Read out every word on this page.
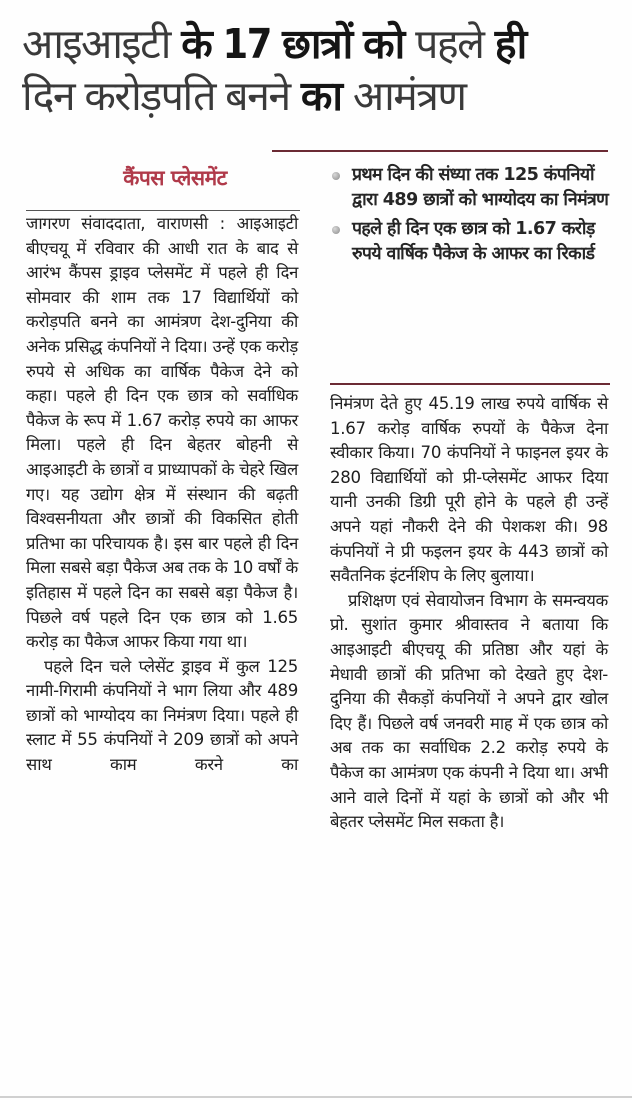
आइआइटी के 17 छात्रों को पहले ही
दिन करोड़पति बनने का आमंत्रण
कैंपस प्लेसमेंट	प्रथम दिन की संध्या तक 125 कंपनियों द्वारा 489 छात्रों को भाग्योदय का निमंत्रण
पहले ही दिन एक छात्र को 1.67 करोड़ रुपये वार्षिक पैकेज के आफर का रिकार्ड

जागरण संवाददाता, वाराणसी : आइआइटी बीएचयू में रविवार की आधी रात के बाद से आरंभ कैंपस ड्राइव प्लेसमेंट में पहले ही दिन सोमवार की शाम तक 17 विद्यार्थियों को करोड़पति बनने का आमंत्रण देश-दुनिया की अनेक प्रसिद्ध कंपनियों ने दिया। उन्हें एक करोड़ रुपये से अधिक का वार्षिक पैकेज देने को कहा। पहले ही दिन एक छात्र को सर्वाधिक पैकेज के रूप में 1.67 करोड़ रुपये का आफर मिला। पहले ही दिन बेहतर बोहनी से आइआइटी के छात्रों व प्राध्यापकों के चेहरे खिल गए। यह उद्योग क्षेत्र में संस्थान की बढ़ती विश्वसनीयता और छात्रों की विकसित होती प्रतिभा का परिचायक है। इस बार पहले ही दिन मिला सबसे बड़ा पैकेज अब तक के 10 वर्षों के इतिहास में पहले दिन का सबसे बड़ा पैकेज है। पिछले वर्ष पहले दिन एक छात्र को 1.65 करोड़ का पैकेज आफर किया गया था।

पहले दिन चले प्लेसेंट ड्राइव में कुल 125 नामी-गिरामी कंपनियों ने भाग लिया और 489 छात्रों को भाग्योदय का निमंत्रण दिया। पहले ही स्लाट में 55 कंपनियों ने 209 छात्रों को अपने साथ काम करने का

निमंत्रण देते हुए 45.19 लाख रुपये वार्षिक से 1.67 करोड़ वार्षिक रुपयों के पैकेज देना स्वीकार किया। 70 कंपनियों ने फाइनल इयर के 280 विद्यार्थियों को प्री-प्लेसमेंट आफर दिया यानी उनकी डिग्री पूरी होने के पहले ही उन्हें अपने यहां नौकरी देने की पेशकश की। 98 कंपनियों ने प्री फइलन इयर के 443 छात्रों को सवैतनिक इंटर्नशिप के लिए बुलाया।

प्रशिक्षण एवं सेवायोजन विभाग के समन्वयक प्रो. सुशांत कुमार श्रीवास्तव ने बताया कि आइआइटी बीएचयू की प्रतिष्ठा और यहां के मेधावी छात्रों की प्रतिभा को देखते हुए देश-दुनिया की सैकड़ों कंपनियों ने अपने द्वार खोल दिए हैं। पिछले वर्ष जनवरी माह में एक छात्र को अब तक का सर्वाधिक 2.2 करोड़ रुपये के पैकेज का आमंत्रण एक कंपनी ने दिया था। अभी आने वाले दिनों में यहां के छात्रों को और भी बेहतर प्लेसमेंट मिल सकता है।
